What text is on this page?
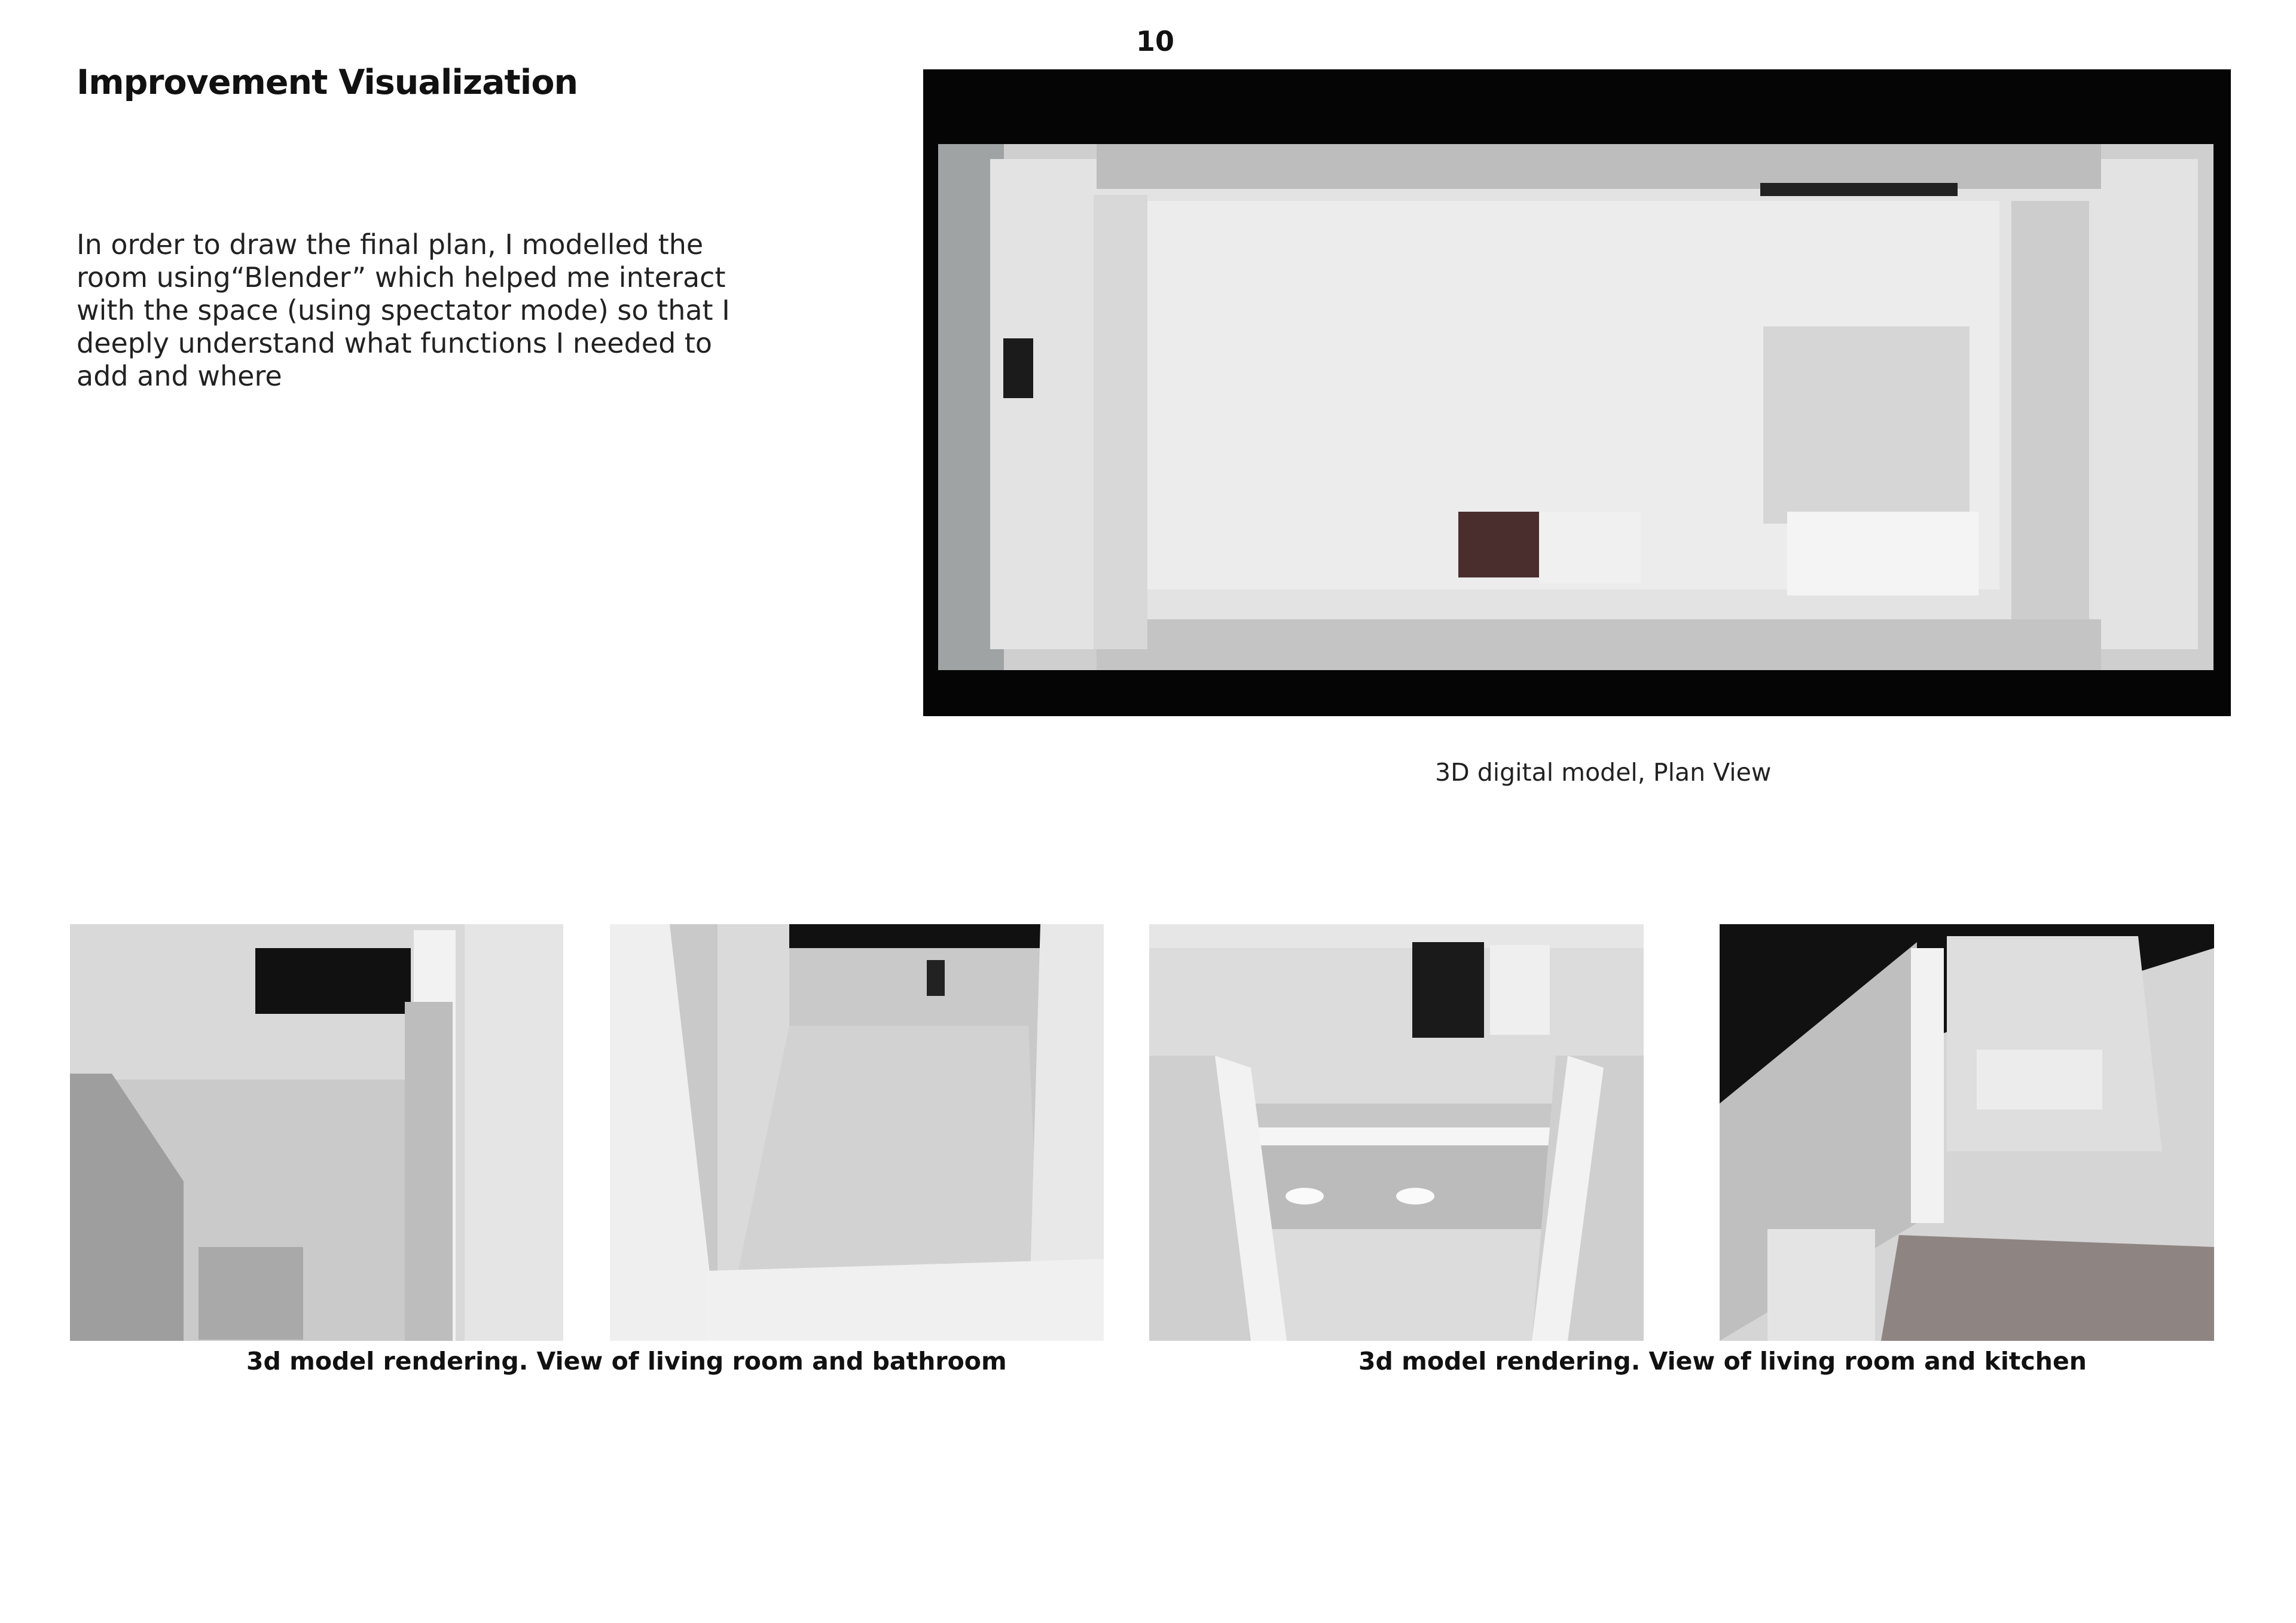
10
Improvement Visualization
In order to draw the final plan, I modelled the room using“Blender” which helped me interact with the space (using spectator mode) so that I deeply understand what functions I needed to add and where
3D digital model, Plan View
3d model rendering. View of living room and bathroom	3d model rendering. View of living room and kitchen
